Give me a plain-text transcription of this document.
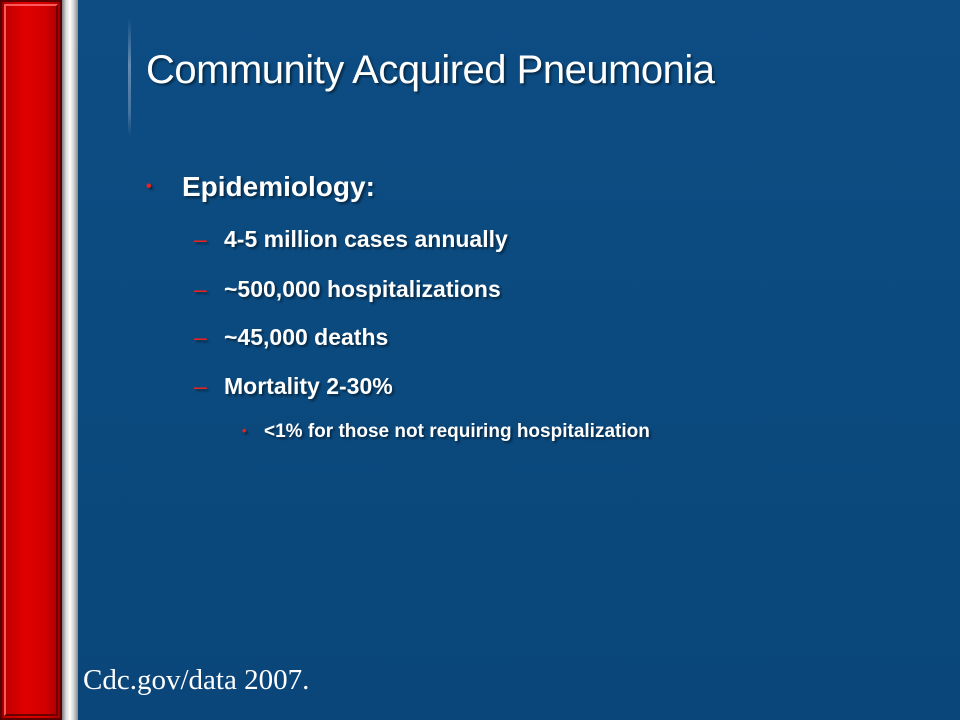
Community Acquired Pneumonia
• Epidemiology:
– 4-5 million cases annually
– ~500,000 hospitalizations
– ~45,000 deaths
– Mortality 2-30%
• <1% for those not requiring hospitalization
Cdc.gov/data 2007.
